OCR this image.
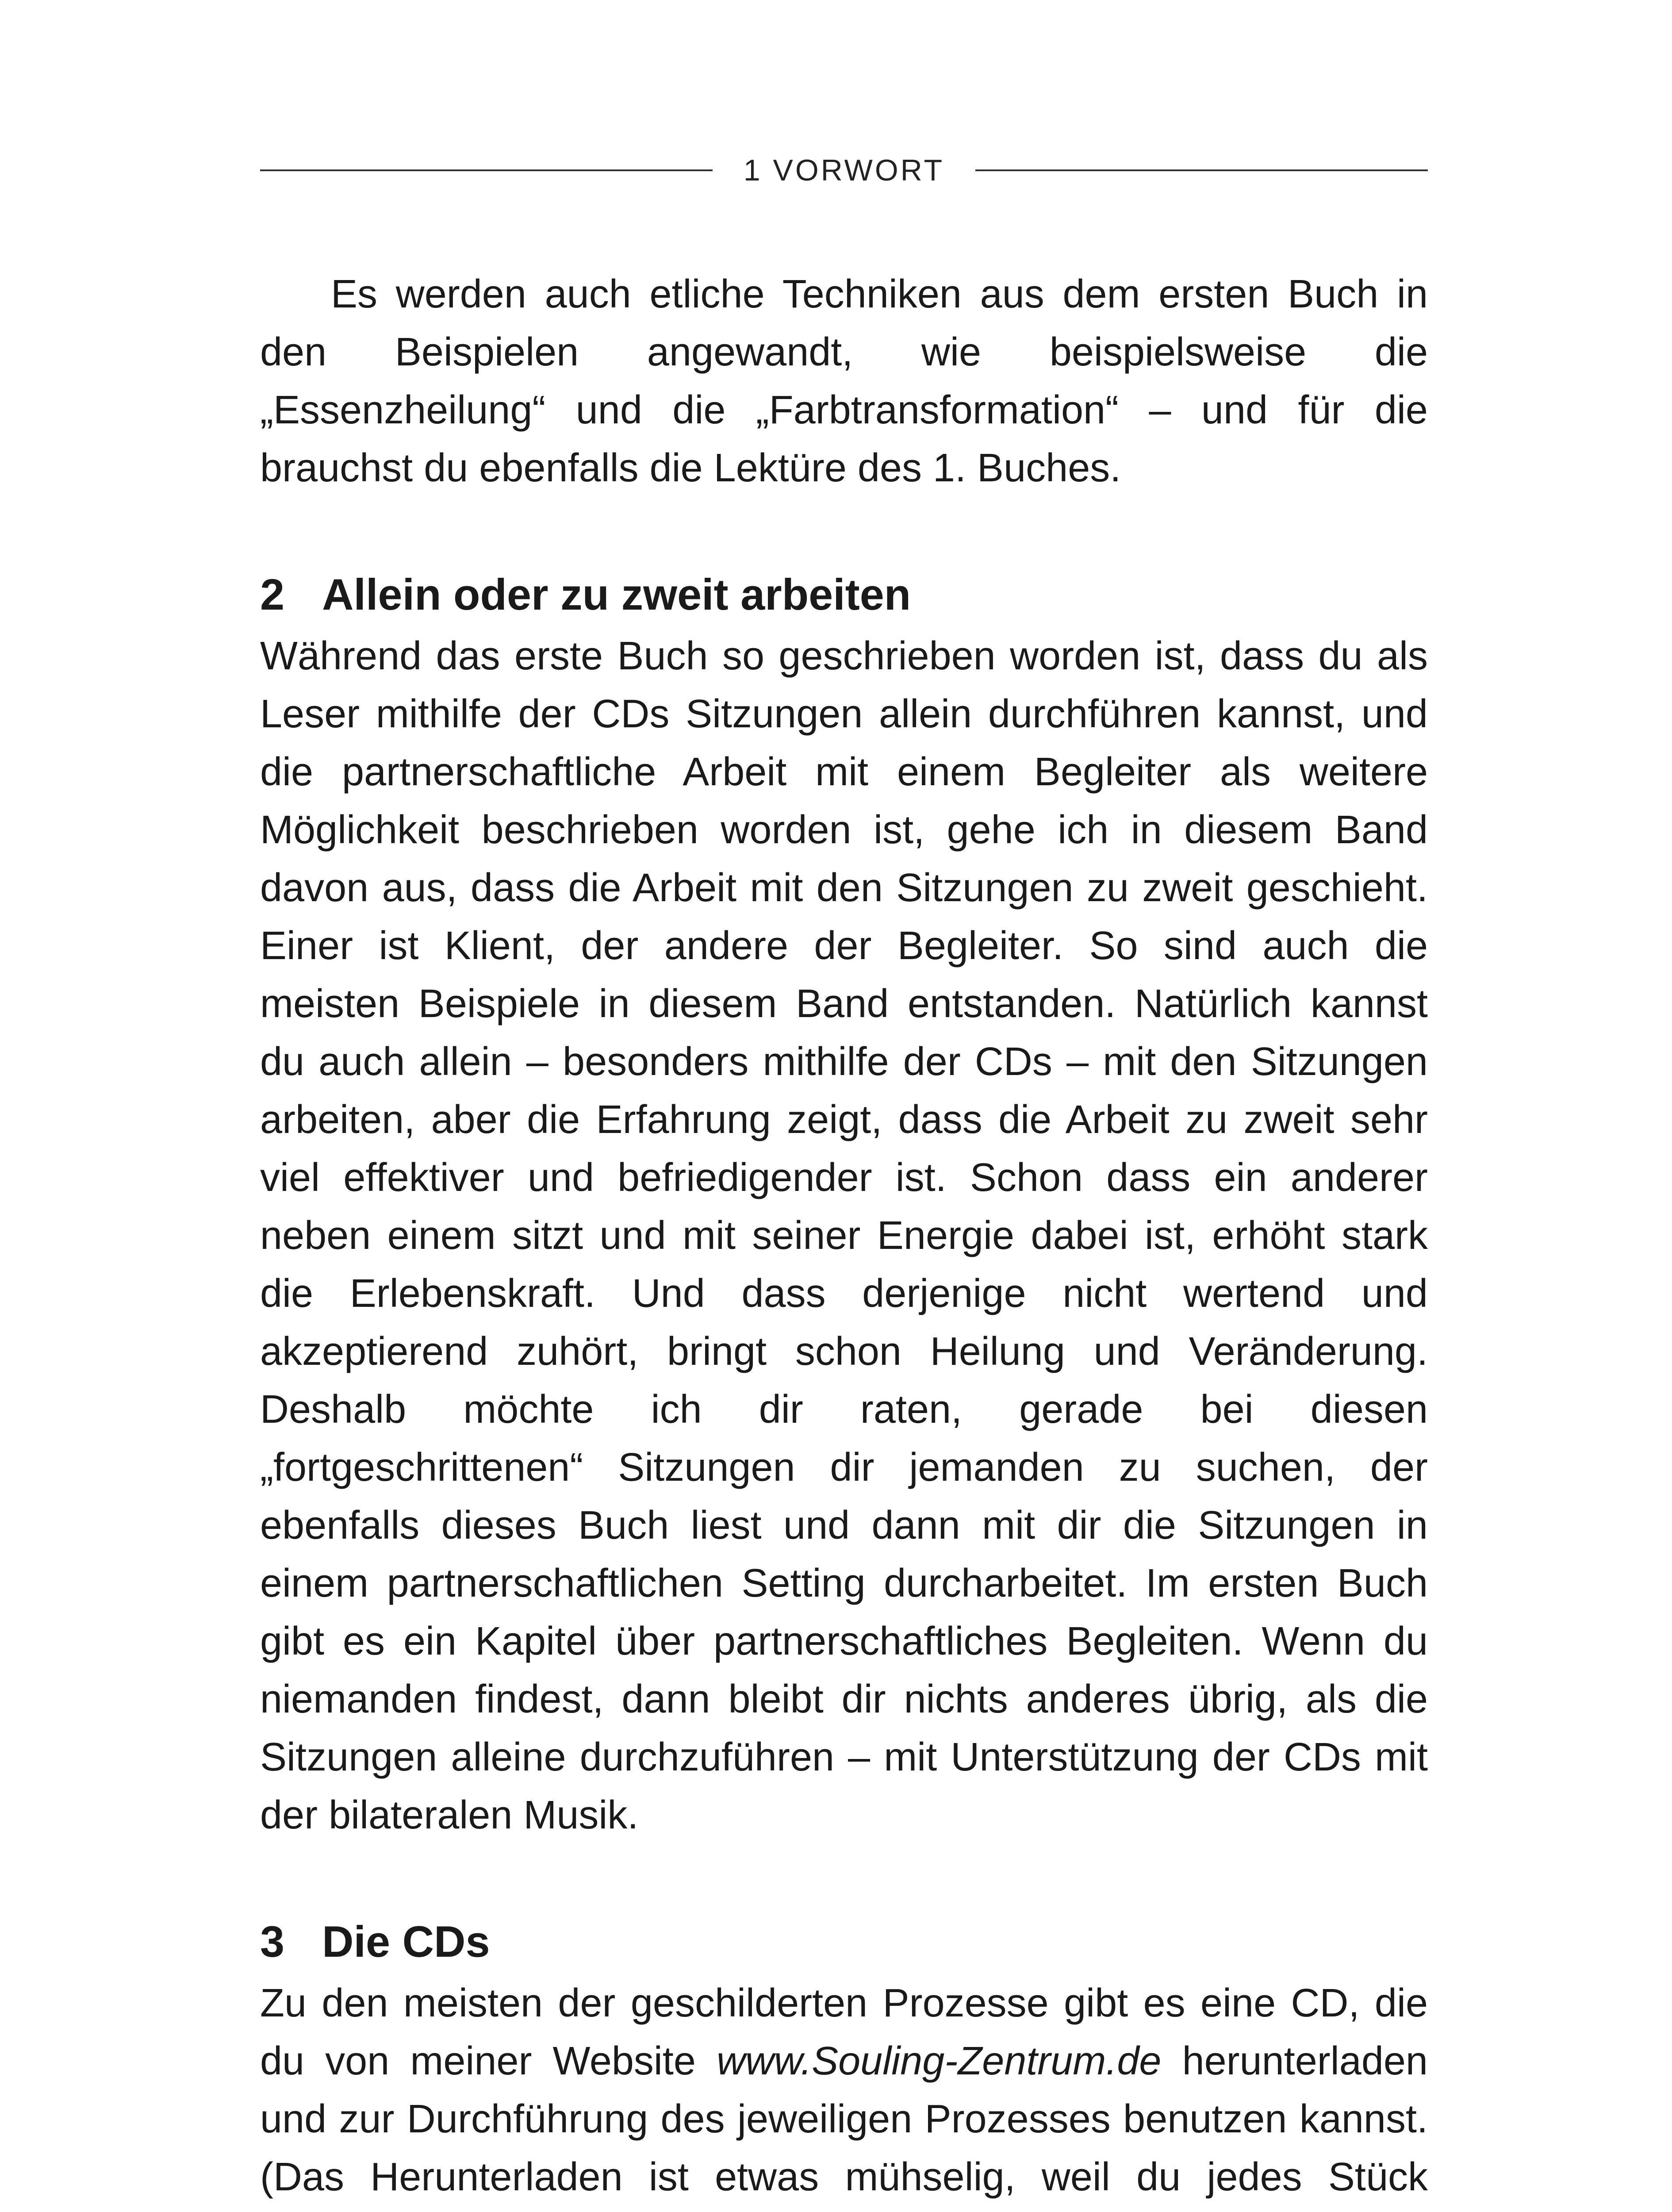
1 VORWORT

Es werden auch etliche Techniken aus dem ersten Buch in den Beispielen angewandt, wie beispielsweise die „Essenzheilung“ und die „Farbtransformation“ – und für die brauchst du ebenfalls die Lektüre des 1. Buches.

2 Allein oder zu zweit arbeiten

Während das erste Buch so geschrieben worden ist, dass du als Leser mithilfe der CDs Sitzungen allein durchführen kannst, und die partnerschaftliche Arbeit mit einem Begleiter als weitere Möglichkeit beschrieben worden ist, gehe ich in diesem Band davon aus, dass die Arbeit mit den Sitzungen zu zweit geschieht. Einer ist Klient, der andere der Begleiter. So sind auch die meisten Beispiele in diesem Band entstanden. Natürlich kannst du auch allein – besonders mithilfe der CDs – mit den Sitzungen arbeiten, aber die Erfahrung zeigt, dass die Arbeit zu zweit sehr viel effektiver und befriedigender ist. Schon dass ein anderer neben einem sitzt und mit seiner Energie dabei ist, erhöht stark die Erlebenskraft. Und dass derjenige nicht wertend und akzeptierend zuhört, bringt schon Heilung und Veränderung. Deshalb möchte ich dir raten, gerade bei diesen „fortgeschrittenen“ Sitzungen dir jemanden zu suchen, der ebenfalls dieses Buch liest und dann mit dir die Sitzungen in einem partnerschaftlichen Setting durcharbeitet. Im ersten Buch gibt es ein Kapitel über partnerschaftliches Begleiten. Wenn du niemanden findest, dann bleibt dir nichts anderes übrig, als die Sitzungen alleine durchzuführen – mit Unterstützung der CDs mit der bilateralen Musik.

3 Die CDs

Zu den meisten der geschilderten Prozesse gibt es eine CD, die du von meiner Website www.Souling-Zentrum.de herunterladen und zur Durchführung des jeweiligen Prozesses benutzen kannst. (Das Herunterladen ist etwas mühselig, weil du jedes Stück
